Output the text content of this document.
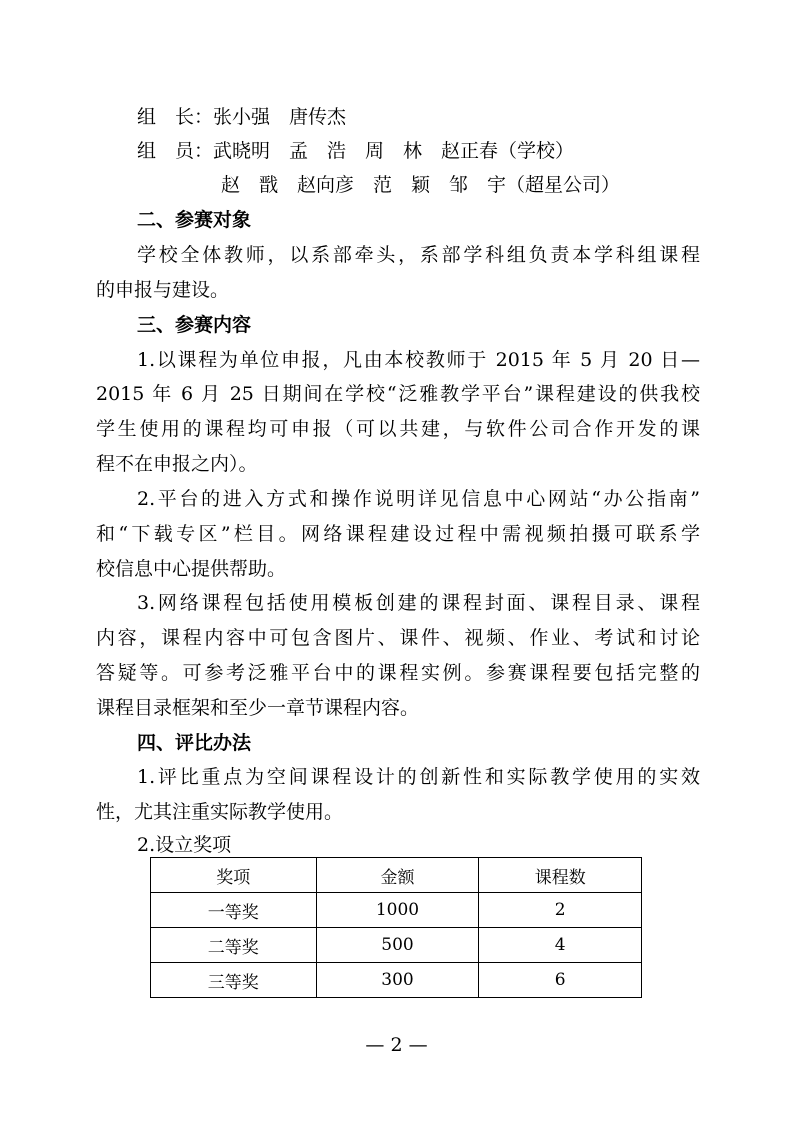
组　长：张小强　唐传杰
组　员：武晓明　孟　浩　周　林　赵正春（学校）
赵　戬　赵向彦　范　颖　邹　宇（超星公司）
二、参赛对象
学校全体教师，以系部牵头，系部学科组负责本学科组课程
的申报与建设。
三、参赛内容
1.以课程为单位申报，凡由本校教师于 2015 年 5 月 20 日—
2015 年 6 月 25 日期间在学校“泛雅教学平台”课程建设的供我校
学生使用的课程均可申报（可以共建，与软件公司合作开发的课
程不在申报之内）。
2.平台的进入方式和操作说明详见信息中心网站“办公指南”
和“下载专区”栏目。网络课程建设过程中需视频拍摄可联系学
校信息中心提供帮助。
3.网络课程包括使用模板创建的课程封面、课程目录、课程
内容，课程内容中可包含图片、课件、视频、作业、考试和讨论
答疑等。可参考泛雅平台中的课程实例。参赛课程要包括完整的
课程目录框架和至少一章节课程内容。
四、评比办法
1.评比重点为空间课程设计的创新性和实际教学使用的实效
性，尤其注重实际教学使用。
2.设立奖项
奖项	金额	课程数
一等奖	1000	2
二等奖	500	4
三等奖	300	6
— 2 —
